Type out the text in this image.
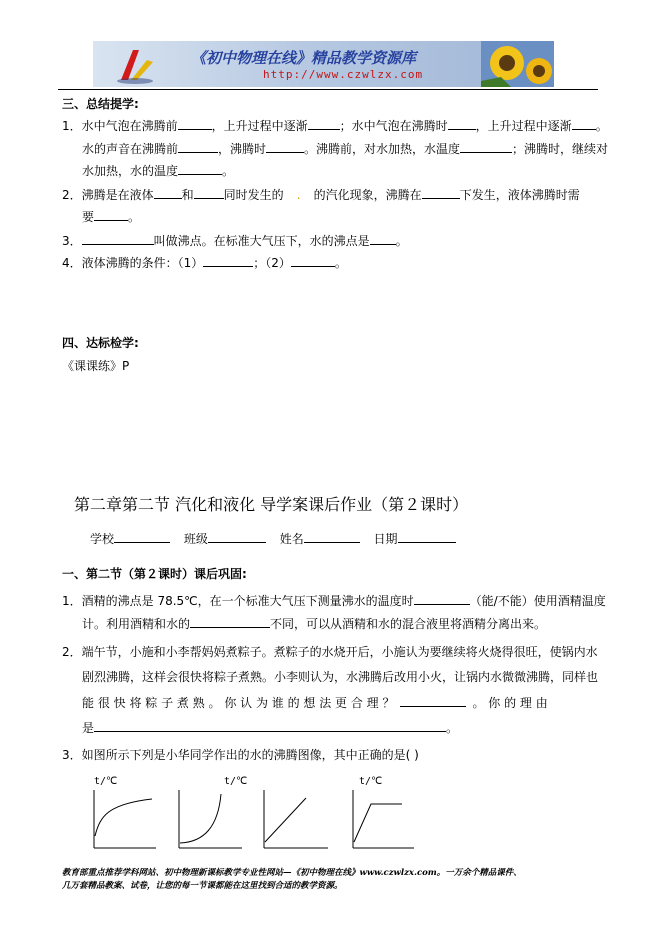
《初中物理在线》精品教学资源库
http://www.czwlzx.com
三、总结提学:
1．水中气泡在沸腾前	，上升过程中逐渐	；水中气泡在沸腾时 ，上升过程中逐渐 。
水的声音在沸腾前	，沸腾时	。沸腾前，对水加热，水温度	；沸腾时，继续对
水加热，水的温度	。
2．沸腾是在液体 和	同时发生的 . 的汽化现象，沸腾在	下发生，液体沸腾时需
要	。
3．	叫做沸点。在标准大气压下，水的沸点是 。
4．液体沸腾的条件：（1）	；（2）	。
四、达标检学:
《课课练》P
第二章第二节 汽化和液化 导学案课后作业（第２课时）
学校	班级	姓名	日期
一、第二节（第２课时）课后巩固:
1．酒精的沸点是 78.5℃，在一个标准大气压下测量沸水的温度时	（能/不能）使用酒精温度
计。利用酒精和水的	不同，可以从酒精和水的混合液里将酒精分离出来。
2．端午节，小施和小李帮妈妈煮粽子。煮粽子的水烧开后，小施认为要继续将火烧得很旺，使锅内水
剧烈沸腾，这样会很快将粽子煮熟。小李则认为，水沸腾后改用小火，让锅内水微微沸腾，同样也
能 很 快 将 粽 子 煮 熟 。 你 认 为 谁 的 想 法 更 合 理 ？	。 你 的 理 由
是	。
3．如图所示下列是小华同学作出的水的沸腾图像，其中正确的是( )
t/℃	t/℃	t/℃
教育部重点推荐学科网站、初中物理新课标教学专业性网站—《初中物理在线》www.czwlzx.com。一万余个精品课件、
几万套精品教案、试卷，让您的每一节课都能在这里找到合适的教学资源。
